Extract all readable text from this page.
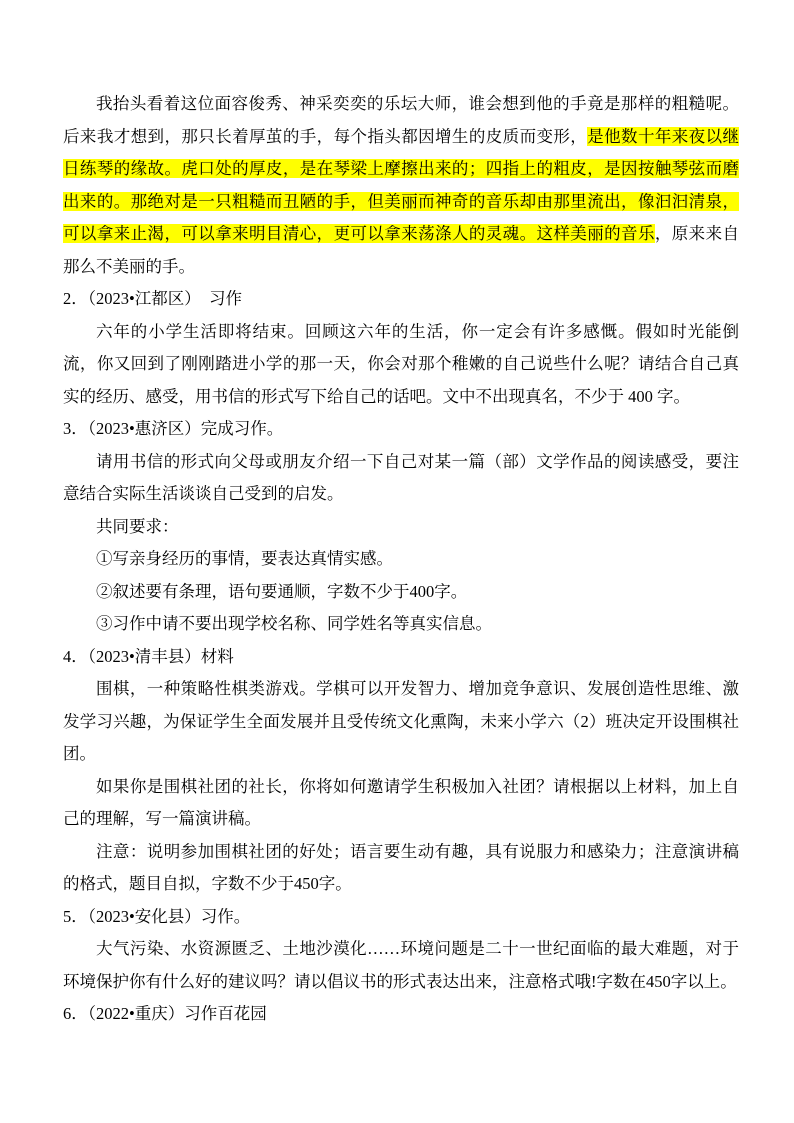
我抬头看着这位面容俊秀、神采奕奕的乐坛大师，谁会想到他的手竟是那样的粗糙呢。后来我才想到，那只长着厚茧的手，每个指头都因增生的皮质而变形，是他数十年来夜以继日练琴的缘故。虎口处的厚皮，是在琴梁上摩擦出来的；四指上的粗皮，是因按触琴弦而磨出来的。那绝对是一只粗糙而丑陋的手，但美丽而神奇的音乐却由那里流出，像汩汩清泉，可以拿来止渴，可以拿来明目清心，更可以拿来荡涤人的灵魂。这样美丽的音乐，原来来自那么不美丽的手。

2．（2023•江都区）　习作

六年的小学生活即将结束。回顾这六年的生活，你一定会有许多感慨。假如时光能倒流，你又回到了刚刚踏进小学的那一天，你会对那个稚嫩的自己说些什么呢？请结合自己真实的经历、感受，用书信的形式写下给自己的话吧。文中不出现真名，不少于 400 字。

3．（2023•惠济区）完成习作。

请用书信的形式向父母或朋友介绍一下自己对某一篇（部）文学作品的阅读感受，要注意结合实际生活谈谈自己受到的启发。

共同要求：

①写亲身经历的事情，要表达真情实感。

②叙述要有条理，语句要通顺，字数不少于400字。

③习作中请不要出现学校名称、同学姓名等真实信息。

4．（2023•清丰县）材料

围棋，一种策略性棋类游戏。学棋可以开发智力、增加竞争意识、发展创造性思维、激发学习兴趣，为保证学生全面发展并且受传统文化熏陶，未来小学六（2）班决定开设围棋社团。

如果你是围棋社团的社长，你将如何邀请学生积极加入社团？请根据以上材料，加上自己的理解，写一篇演讲稿。

注意：说明参加围棋社团的好处；语言要生动有趣，具有说服力和感染力；注意演讲稿的格式，题目自拟，字数不少于450字。

5．（2023•安化县）习作。

大气污染、水资源匮乏、土地沙漠化……环境问题是二十一世纪面临的最大难题，对于环境保护你有什么好的建议吗？请以倡议书的形式表达出来，注意格式哦!字数在450字以上。

6．（2022•重庆）习作百花园
